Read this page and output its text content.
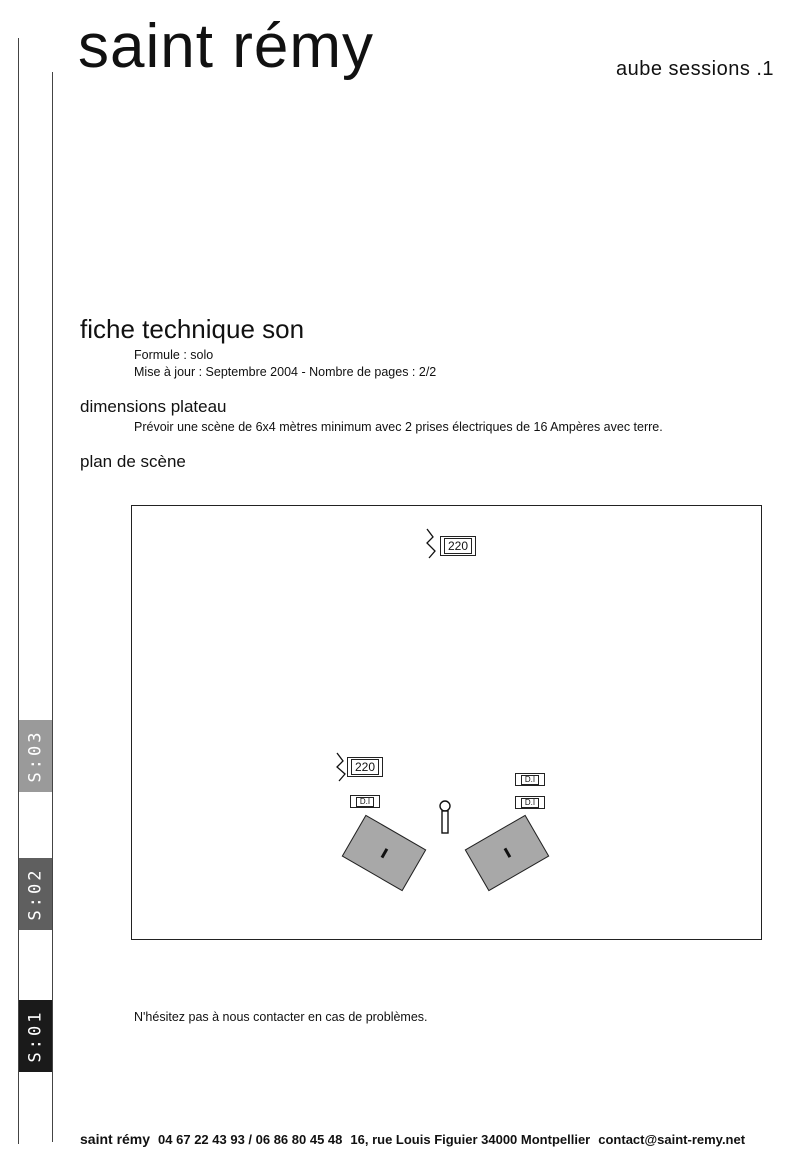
S:03
S:02
S:01
saint rémy	aube sessions .1
fiche technique son
Formule : solo
Mise à jour : Septembre 2004 - Nombre de pages : 2/2
dimensions plateau
Prévoir une scène de 6x4 mètres minimum avec 2 prises électriques de 16 Ampères avec terre.
plan de scène
220
220
D.I
D.I
D.I
N'hésitez pas à nous contacter en cas de problèmes.
saint rémy 04 67 22 43 93 / 06 86 80 45 48 16, rue Louis Figuier 34000 Montpellier contact@saint-remy.net
